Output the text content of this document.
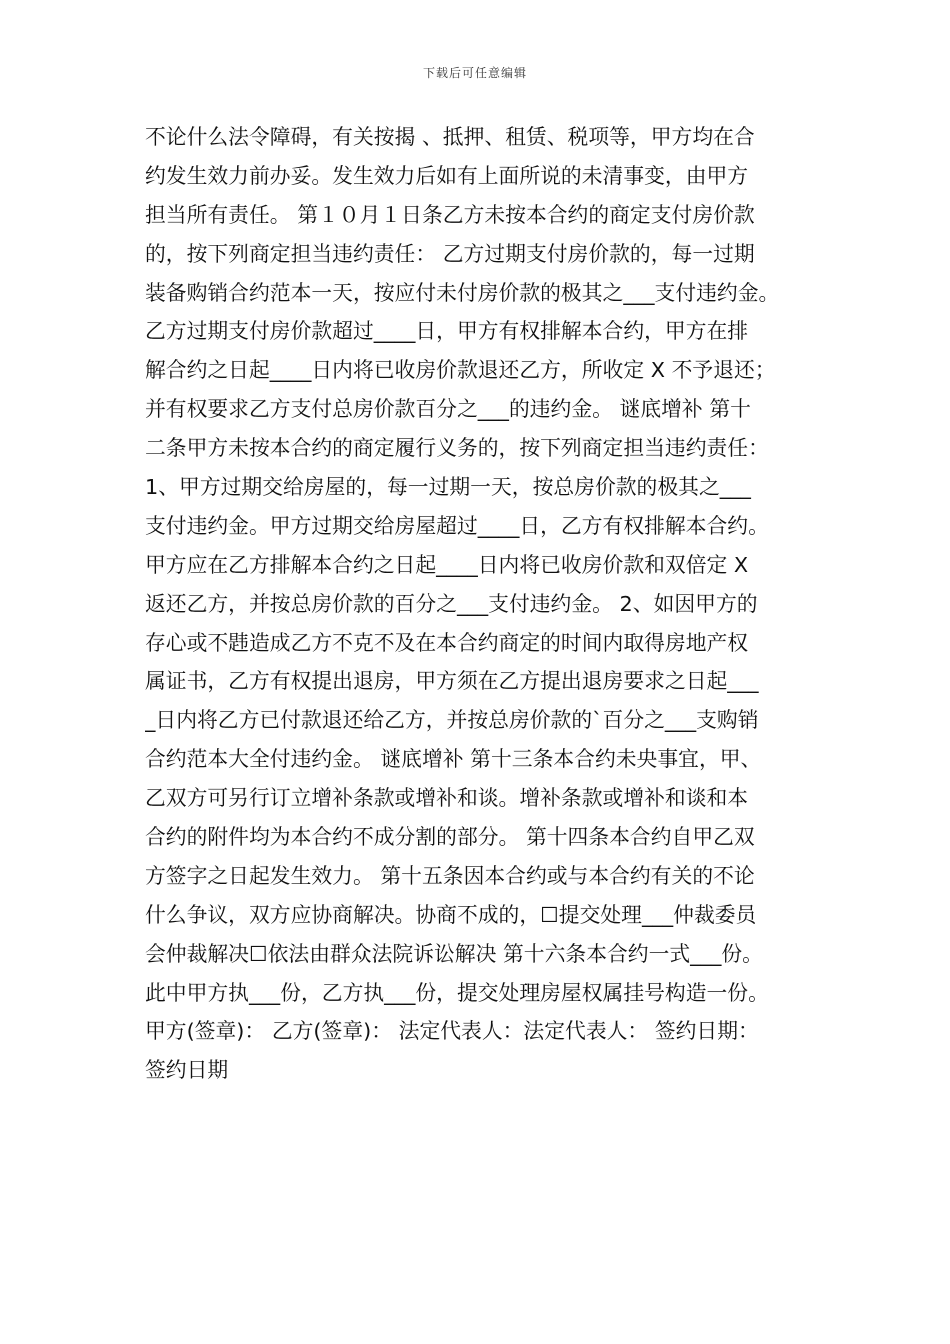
下载后可任意编辑
不论什么法令障碍，有关按揭 、抵押、租赁、税项等，甲方均在合
约发生效力前办妥。发生效力后如有上面所说的未清事变，由甲方
担当所有责任。 第１０月１日条乙方未按本合约的商定支付房价款
的，按下列商定担当违约责任： 乙方过期支付房价款的，每一过期
装备购销合约范本一天，按应付未付房价款的极其之___支付违约金。
乙方过期支付房价款超过____日，甲方有权排解本合约，甲方在排
解合约之日起____日内将已收房价款退还乙方，所收定 X 不予退还；
并有权要求乙方支付总房价款百分之___的违约金。 谜底增补 第十
二条甲方未按本合约的商定履行义务的，按下列商定担当违约责任：
1、甲方过期交给房屋的，每一过期一天，按总房价款的极其之___
支付违约金。甲方过期交给房屋超过____日，乙方有权排解本合约。
甲方应在乙方排解本合约之日起____日内将已收房价款和双倍定 X
返还乙方，并按总房价款的百分之___支付违约金。 2、如因甲方的
存心或不韪造成乙方不克不及在本合约商定的时间内取得房地产权
属证书，乙方有权提出退房，甲方须在乙方提出退房要求之日起___
_日内将乙方已付款退还给乙方，并按总房价款的`百分之___支购销
合约范本大全付违约金。 谜底增补 第十三条本合约未央事宜，甲、
乙双方可另行订立增补条款或增补和谈。增补条款或增补和谈和本
合约的附件均为本合约不成分割的部分。 第十四条本合约自甲乙双
方签字之日起发生效力。 第十五条因本合约或与本合约有关的不论
什么争议，双方应协商解决。协商不成的，☐提交处理___仲裁委员
会仲裁解决☐依法由群众法院诉讼解决 第十六条本合约一式___份。
此中甲方执___份，乙方执___份，提交处理房屋权属挂号构造一份。
甲方(签章)： 乙方(签章)： 法定代表人：法定代表人： 签约日期：
签约日期
